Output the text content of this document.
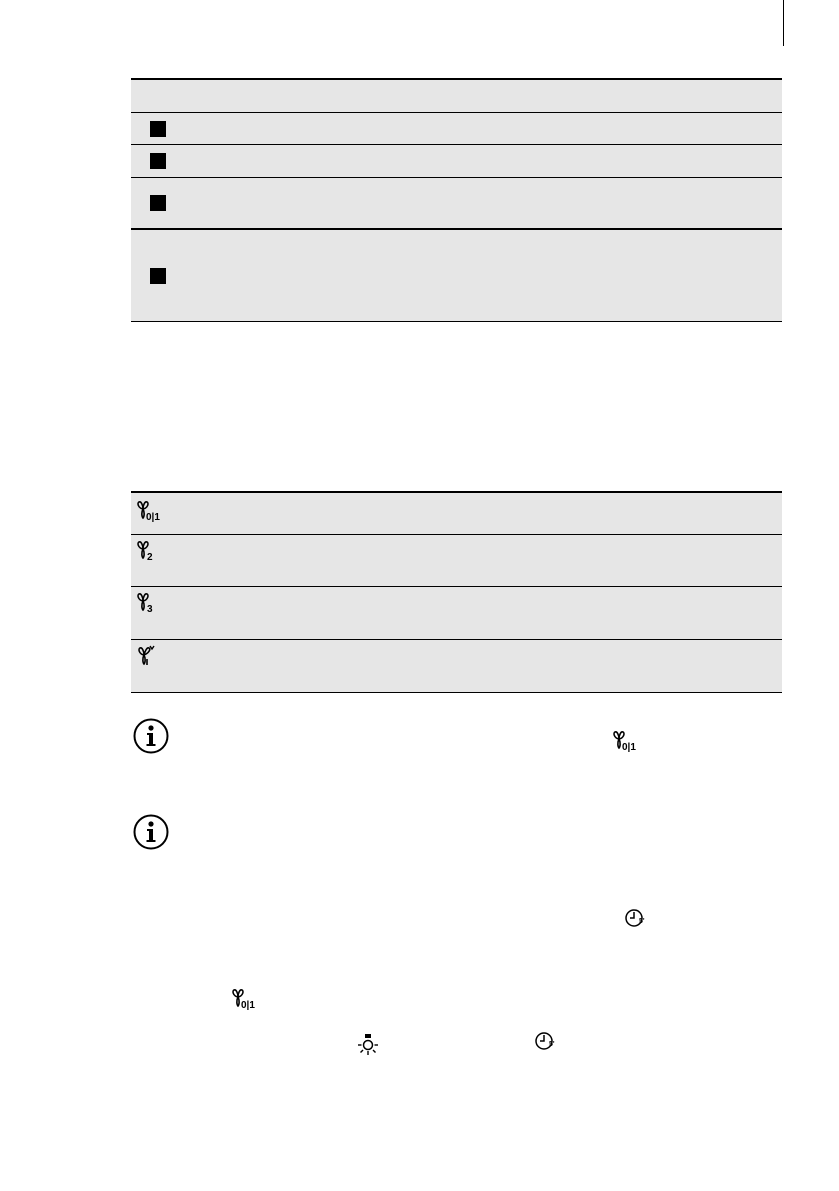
0|1
2
3
0|1
5'
0|1
5'
